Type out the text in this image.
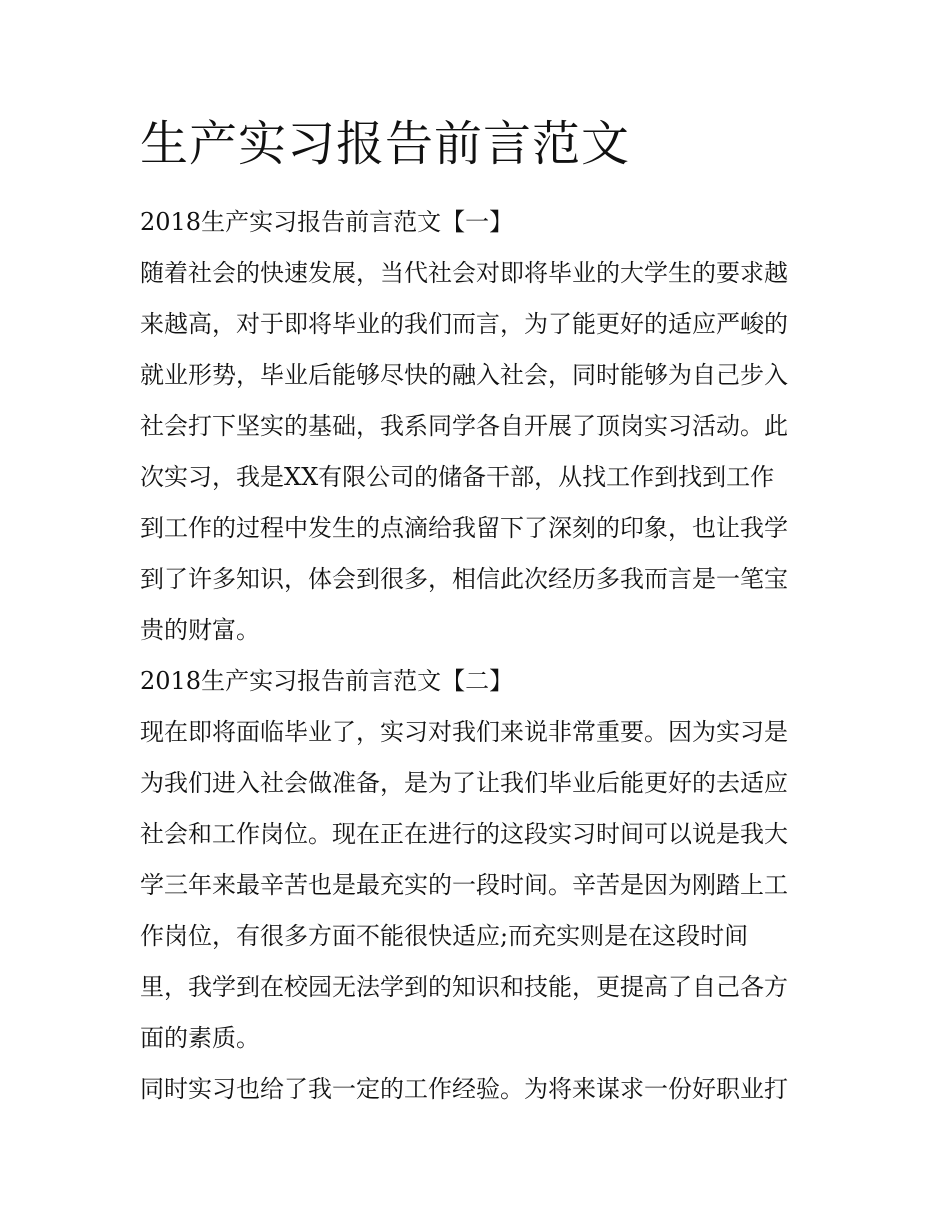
生产实习报告前言范文

2018生产实习报告前言范文【一】

随着社会的快速发展，当代社会对即将毕业的大学生的要求越

来越高，对于即将毕业的我们而言，为了能更好的适应严峻的

就业形势，毕业后能够尽快的融入社会，同时能够为自己步入

社会打下坚实的基础，我系同学各自开展了顶岗实习活动。此

次实习，我是XX有限公司的储备干部，从找工作到找到工作

到工作的过程中发生的点滴给我留下了深刻的印象，也让我学

到了许多知识，体会到很多，相信此次经历多我而言是一笔宝

贵的财富。

2018生产实习报告前言范文【二】

现在即将面临毕业了，实习对我们来说非常重要。因为实习是

为我们进入社会做准备，是为了让我们毕业后能更好的去适应

社会和工作岗位。现在正在进行的这段实习时间可以说是我大

学三年来最辛苦也是最充实的一段时间。辛苦是因为刚踏上工

作岗位，有很多方面不能很快适应;而充实则是在这段时间

里，我学到在校园无法学到的知识和技能，更提高了自己各方

面的素质。

同时实习也给了我一定的工作经验。为将来谋求一份好职业打
